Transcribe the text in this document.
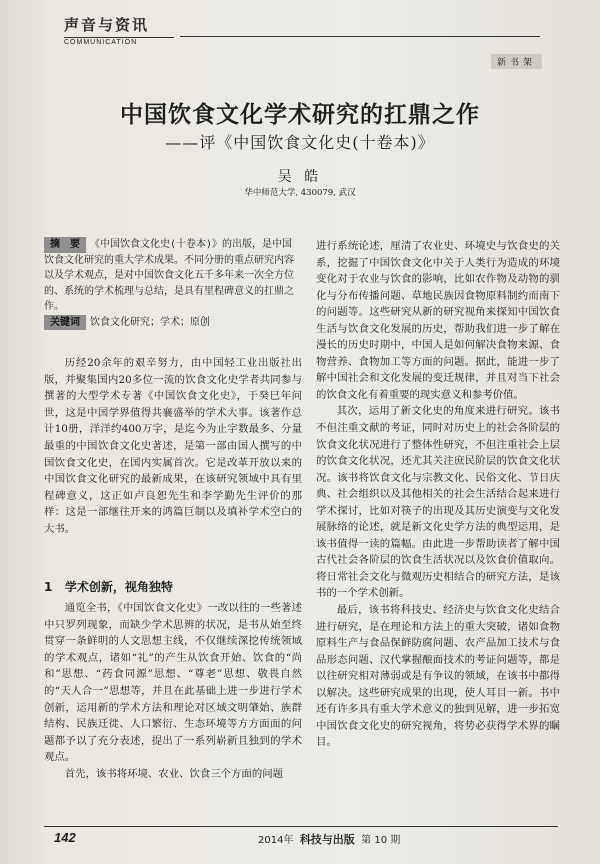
声音与资讯
COMMUNICATION
新书架
中国饮食文化学术研究的扛鼎之作
——评《中国饮食文化史(十卷本)》
吴 皓
华中师范大学, 430079, 武汉
摘　要 《中国饮食文化史(十卷本)》的出版，是中国饮食文化研究的重大学术成果。不同分册的重点研究内容以及学术观点，是对中国饮食文化五千多年来一次全方位的、系统的学术梳理与总结，是具有里程碑意义的扛鼎之作。
关键词 饮食文化研究；学术；原创

历经20余年的艰辛努力，由中国轻工业出版社出版，并聚集国内20多位一流的饮食文化史学者共同参与撰著的大型学术专著《中国饮食文化史》，于癸巳年问世，这是中国学界值得共襄盛举的学术大事。该著作总计10册，洋洋约400万字，是迄今为止字数最多、分量最重的中国饮食文化史著述，是第一部由国人撰写的中国饮食文化史，在国内实属首次。它是改革开放以来的中国饮食文化研究的最新成果，在该研究领域中具有里程碑意义，这正如卢良恕先生和李学勤先生评价的那样：这是一部继往开来的鸿篇巨制以及填补学术空白的大书。

1 学术创新，视角独特

通览全书，《中国饮食文化史》一改以往的一些著述中只罗列现象，而缺少学术思辨的状况，是书从始至终贯穿一条鲜明的人文思想主线，不仅继续深挖传统领域的学术观点，诸如“礼”的产生从饮食开始、饮食的“尚和”思想、“药食同源”思想、“尊老”思想、敬畏自然的“天人合一”思想等，并且在此基础上进一步进行学术创新，运用新的学术方法和理论对区域文明肇始、族群结构、民族迁徙、人口繁衍、生态环境等方方面面的问题都予以了充分表述，提出了一系列崭新且独到的学术观点。

首先，该书将环境、农业、饮食三个方面的问题

进行系统论述，厘清了农业史、环境史与饮食史的关系，挖掘了中国饮食文化中关于人类行为造成的环境变化对于农业与饮食的影响，比如农作物及动物的驯化与分布传播问题、草地民族因食物原料制约而南下的问题等。这些研究从新的研究视角来探知中国饮食生活与饮食文化发展的历史，帮助我们进一步了解在漫长的历史时期中，中国人是如何解决食物来源、食物营养、食物加工等方面的问题。据此，能进一步了解中国社会和文化发展的变迁规律，并且对当下社会的饮食文化有着重要的现实意义和参考价值。

其次，运用了新文化史的角度来进行研究。该书不但注重文献的考证，同时对历史上的社会各阶层的饮食文化状况进行了整体性研究，不但注重社会上层的饮食文化状况，还尤其关注庶民阶层的饮食文化状况。该书将饮食文化与宗教文化、民俗文化、节日庆典、社会组织以及其他相关的社会生活结合起来进行学术探讨，比如对筷子的出现及其历史演变与文化发展脉络的论述，就是新文化史学方法的典型运用，是该书值得一读的篇幅。由此进一步帮助读者了解中国古代社会各阶层的饮食生活状况以及饮食价值取向。将日常社会文化与微观历史相结合的研究方法，是该书的一个学术创新。

最后，该书将科技史、经济史与饮食文化史结合进行研究，是在理论和方法上的重大突破，诸如食物原料生产与食品保鲜防腐问题、农产品加工技术与食品形态问题、汉代掌握酿面技术的考证问题等，都是以往研究相对薄弱或是有争议的领域，在该书中都得以解决。这些研究成果的出现，使人耳目一新。书中还有许多具有重大学术意义的独到见解，进一步拓宽中国饮食文化史的研究视角，将势必获得学术界的瞩目。

142	2014年 科技与出版 第 10 期
